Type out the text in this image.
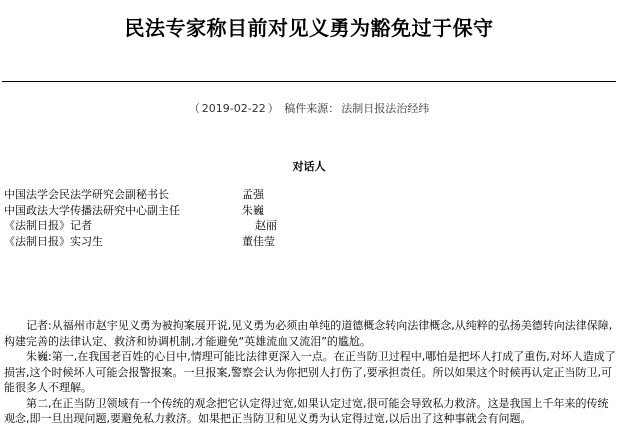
民法专家称目前对见义勇为豁免过于保守
（ 2019-02-22 ） 稿件来源： 法制日报法治经纬
对话人
中国法学会民法学研究会副秘书长	孟强
中国政法大学传播法研究中心副主任	朱巍
《法制日报》记者	赵丽
《法制日报》实习生	董佳莹

记者:从福州市赵宇见义勇为被拘案展开说,见义勇为必须由单纯的道德概念转向法律概念,从纯粹的弘扬美德转向法律保障,构建完善的法律认定、救济和协调机制,才能避免“英雄流血又流泪”的尴尬。

朱巍:第一,在我国老百姓的心目中,情理可能比法律更深入一点。在正当防卫过程中,哪怕是把坏人打成了重伤,对坏人造成了损害,这个时候坏人可能会报警报案。一旦报案,警察会认为你把别人打伤了,要承担责任。所以如果这个时候再认定正当防卫,可能很多人不理解。

第二,在正当防卫领域有一个传统的观念把它认定得过宽,如果认定过宽,很可能会导致私力救济。这是我国上千年来的传统观念,即一旦出现问题,要避免私力救济。如果把正当防卫和见义勇为认定得过宽,以后出了这种事就会有问题。
